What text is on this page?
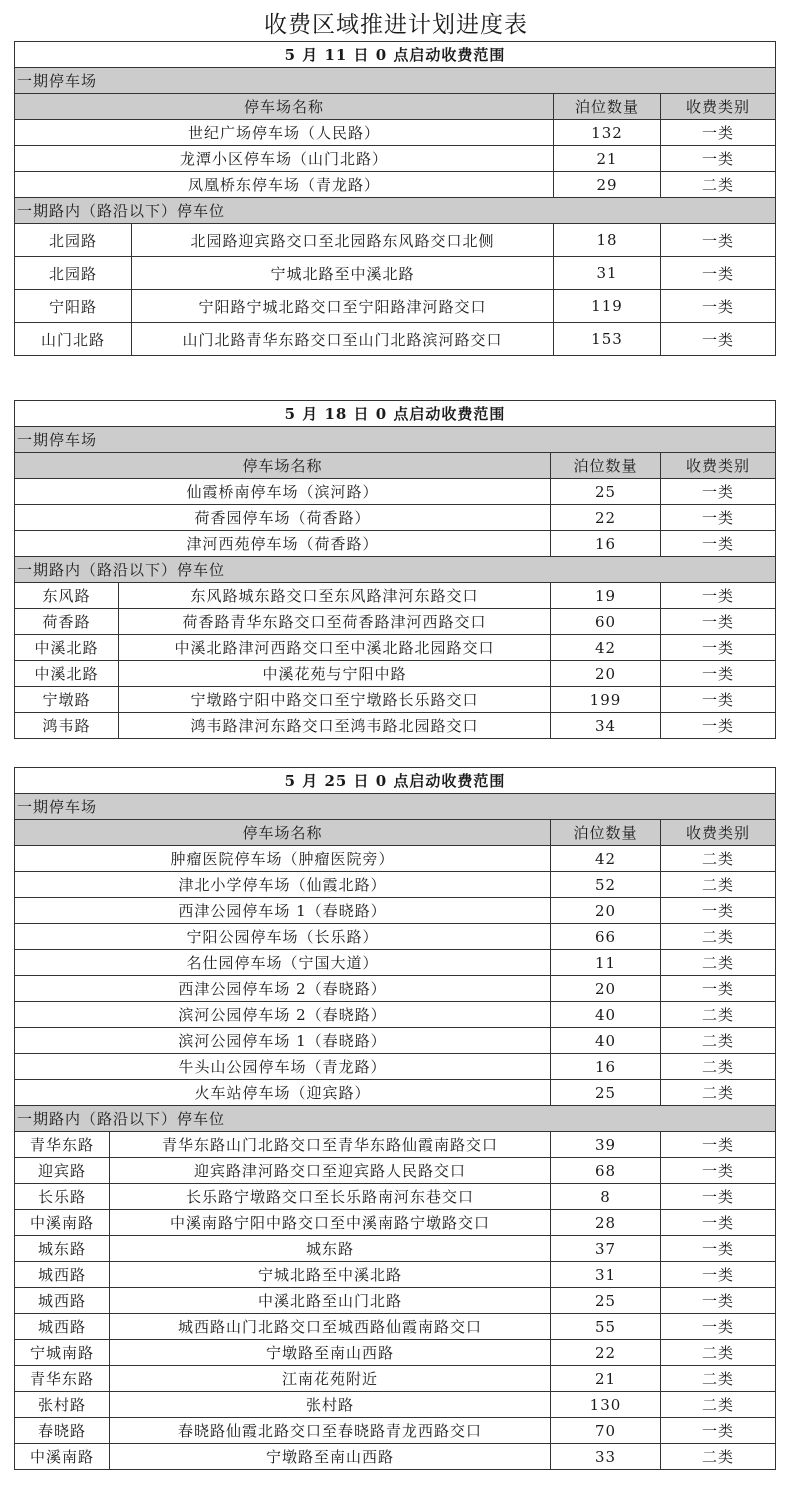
收费区域推进计划进度表
5 月 11 日 0 点启动收费范围			
一期停车场			
停车场名称		泊位数量	收费类别
世纪广场停车场（人民路）		132	一类
龙潭小区停车场（山门北路）		21	一类
凤凰桥东停车场（青龙路）		29	二类
一期路内（路沿以下）停车位			
北园路	北园路迎宾路交口至北园路东风路交口北侧	18	一类
北园路	宁城北路至中溪北路	31	一类
宁阳路	宁阳路宁城北路交口至宁阳路津河路交口	119	一类
山门北路	山门北路青华东路交口至山门北路滨河路交口	153	一类
5 月 18 日 0 点启动收费范围			
一期停车场			
停车场名称		泊位数量	收费类别
仙霞桥南停车场（滨河路）		25	一类
荷香园停车场（荷香路）		22	一类
津河西苑停车场（荷香路）		16	一类
一期路内（路沿以下）停车位			
东风路	东风路城东路交口至东风路津河东路交口	19	一类
荷香路	荷香路青华东路交口至荷香路津河西路交口	60	一类
中溪北路	中溪北路津河西路交口至中溪北路北园路交口	42	一类
中溪北路	中溪花苑与宁阳中路	20	一类
宁墩路	宁墩路宁阳中路交口至宁墩路长乐路交口	199	一类
鸿韦路	鸿韦路津河东路交口至鸿韦路北园路交口	34	一类
5 月 25 日 0 点启动收费范围			
一期停车场			
停车场名称		泊位数量	收费类别
肿瘤医院停车场（肿瘤医院旁）		42	二类
津北小学停车场（仙霞北路）		52	二类
西津公园停车场 1（春晓路）		20	一类
宁阳公园停车场（长乐路）		66	二类
名仕园停车场（宁国大道）		11	二类
西津公园停车场 2（春晓路）		20	一类
滨河公园停车场 2（春晓路）		40	二类
滨河公园停车场 1（春晓路）		40	二类
牛头山公园停车场（青龙路）		16	二类
火车站停车场（迎宾路）		25	二类
一期路内（路沿以下）停车位			
青华东路	青华东路山门北路交口至青华东路仙霞南路交口	39	一类
迎宾路	迎宾路津河路交口至迎宾路人民路交口	68	一类
长乐路	长乐路宁墩路交口至长乐路南河东巷交口	8	一类
中溪南路	中溪南路宁阳中路交口至中溪南路宁墩路交口	28	一类
城东路	城东路	37	一类
城西路	宁城北路至中溪北路	31	一类
城西路	中溪北路至山门北路	25	一类
城西路	城西路山门北路交口至城西路仙霞南路交口	55	一类
宁城南路	宁墩路至南山西路	22	二类
青华东路	江南花苑附近	21	二类
张村路	张村路	130	二类
春晓路	春晓路仙霞北路交口至春晓路青龙西路交口	70	一类
中溪南路	宁墩路至南山西路	33	二类
